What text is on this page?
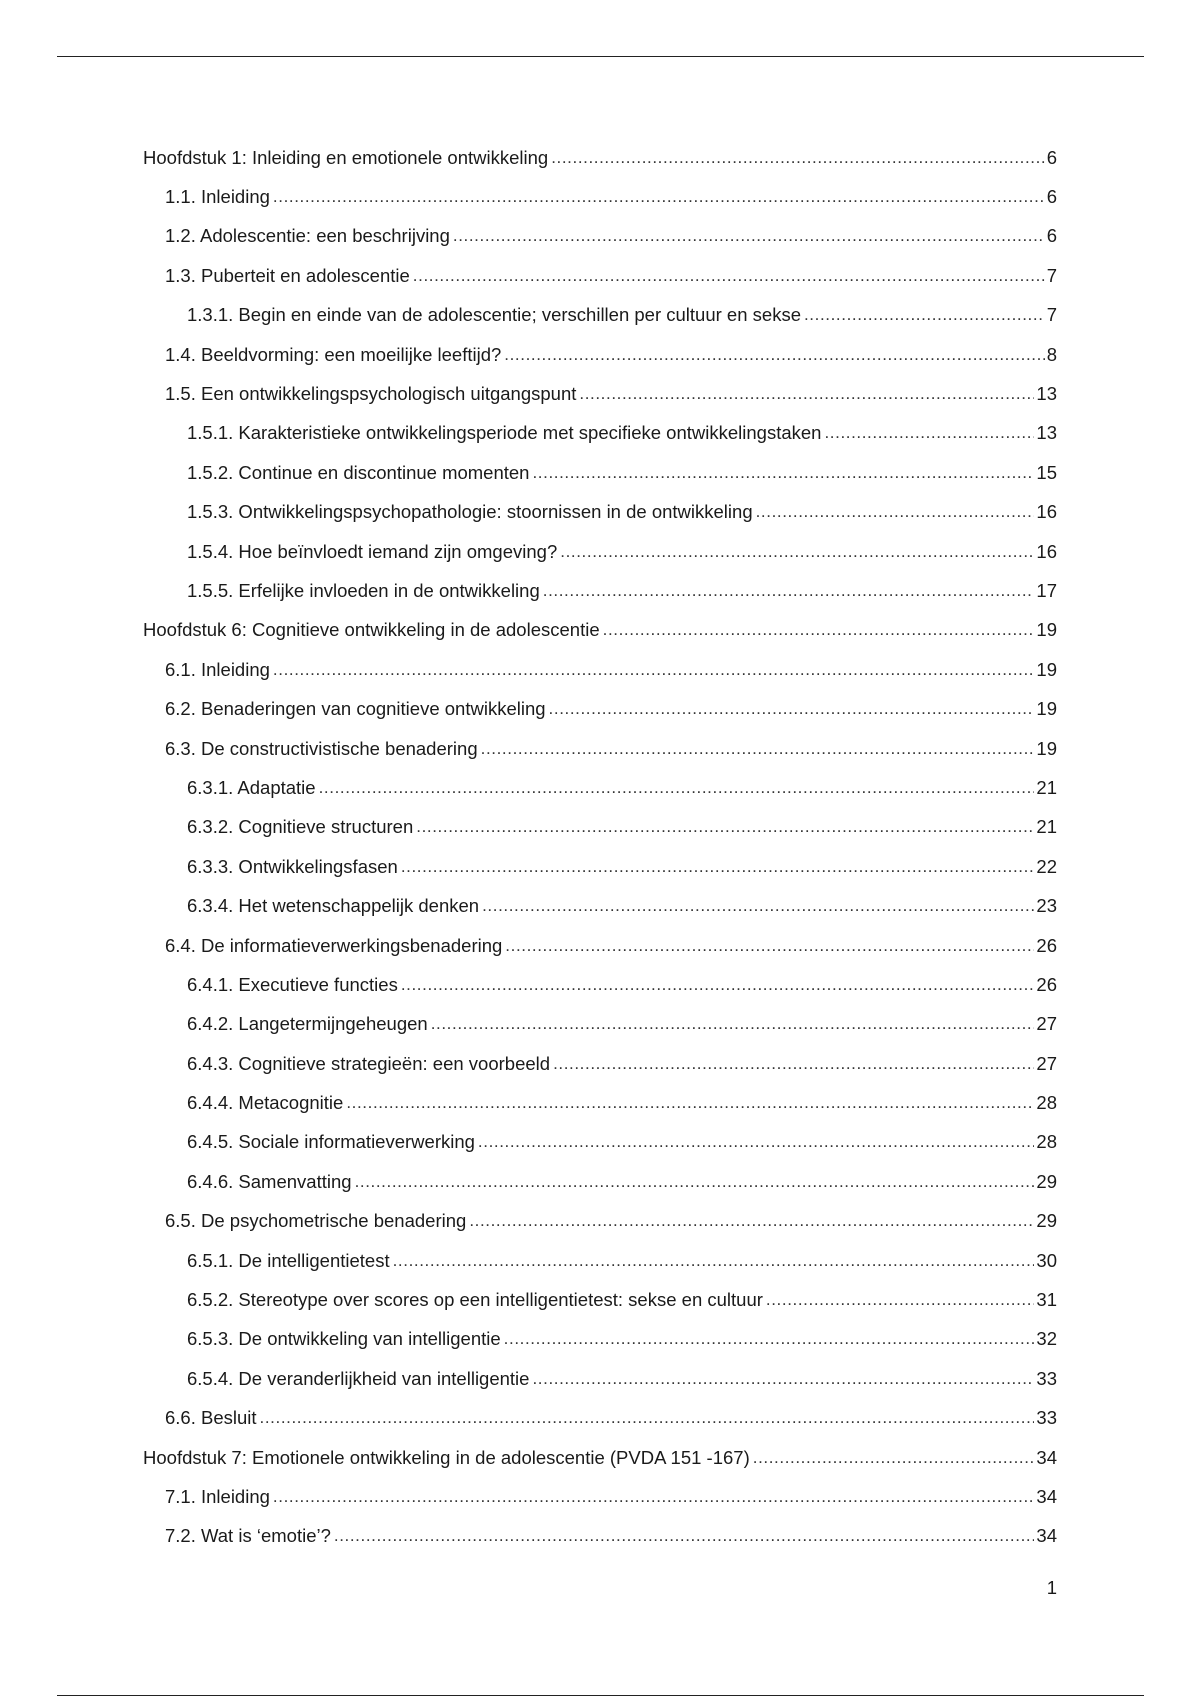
Hoofdstuk 1: Inleiding en emotionele ontwikkeling .....	6
1.1. Inleiding .....	6
1.2. Adolescentie: een beschrijving .....	6
1.3. Puberteit en adolescentie .....	7
1.3.1. Begin en einde van de adolescentie; verschillen per cultuur en sekse .....	7
1.4. Beeldvorming: een moeilijke leeftijd? .....	8
1.5. Een ontwikkelingspsychologisch uitgangspunt .....	13
1.5.1. Karakteristieke ontwikkelingsperiode met specifieke ontwikkelingstaken .....	13
1.5.2. Continue en discontinue momenten .....	15
1.5.3. Ontwikkelingspsychopathologie: stoornissen in de ontwikkeling .....	16
1.5.4. Hoe beïnvloedt iemand zijn omgeving? .....	16
1.5.5. Erfelijke invloeden in de ontwikkeling .....	17
Hoofdstuk 6: Cognitieve ontwikkeling in de adolescentie .....	19
6.1. Inleiding .....	19
6.2. Benaderingen van cognitieve ontwikkeling .....	19
6.3. De constructivistische benadering .....	19
6.3.1. Adaptatie .....	21
6.3.2. Cognitieve structuren .....	21
6.3.3. Ontwikkelingsfasen .....	22
6.3.4. Het wetenschappelijk denken .....	23
6.4. De informatieverwerkingsbenadering .....	26
6.4.1. Executieve functies .....	26
6.4.2. Langetermijngeheugen .....	27
6.4.3. Cognitieve strategieën: een voorbeeld .....	27
6.4.4. Metacognitie .....	28
6.4.5. Sociale informatieverwerking .....	28
6.4.6. Samenvatting .....	29
6.5. De psychometrische benadering .....	29
6.5.1. De intelligentietest .....	30
6.5.2. Stereotype over scores op een intelligentietest: sekse en cultuur .....	31
6.5.3. De ontwikkeling van intelligentie .....	32
6.5.4. De veranderlijkheid van intelligentie .....	33
6.6. Besluit .....	33
Hoofdstuk 7: Emotionele ontwikkeling in de adolescentie (PVDA 151 -167) .....	34
7.1. Inleiding .....	34
7.2. Wat is ‘emotie’? .....	34
1
